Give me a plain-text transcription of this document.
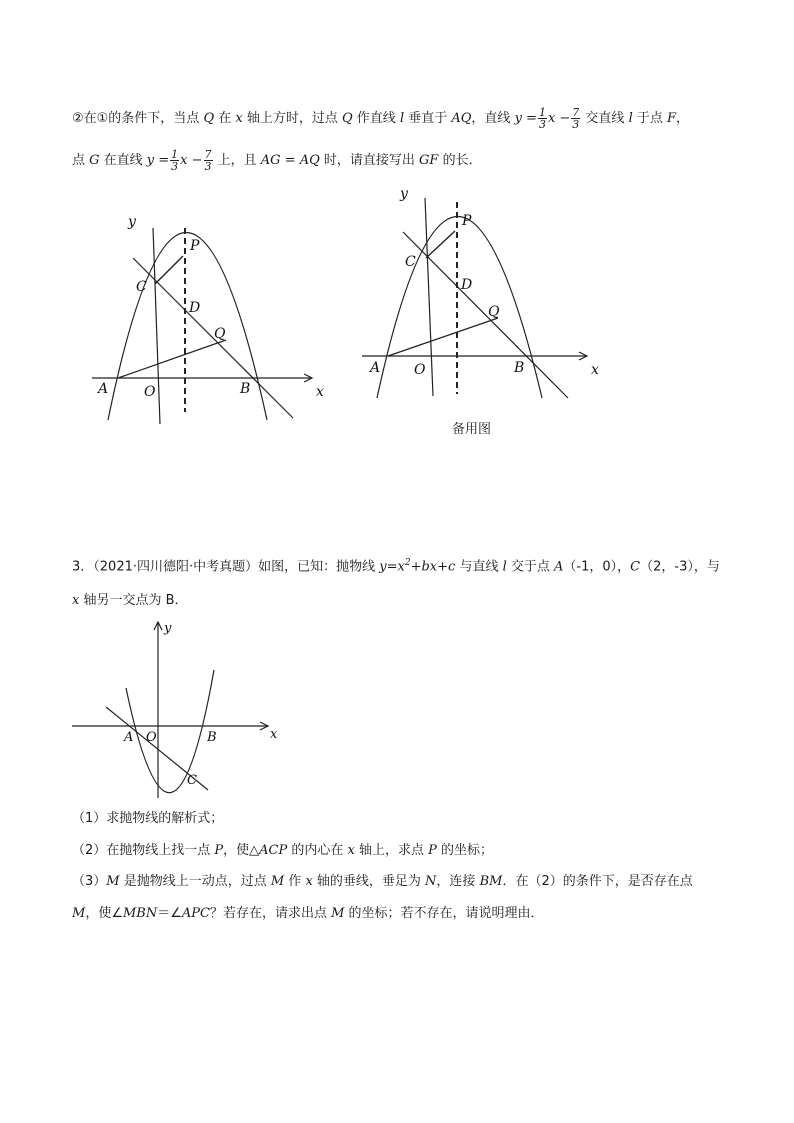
②在①的条件下，当点 Q 在 x 轴上方时，过点 Q 作直线 l 垂直于 AQ，直线 $y = \frac{1}{3}$ $x - \frac{7}{3}$ 交直线 l 于点 F，
点 G 在直线 $y = \frac{1}{3}$ $x - \frac{7}{3}$ 上，且 AG = AQ 时，请直接写出 GF 的长．
y
P
C
D
Q
A	O	B	x
y
P
C
D
Q
A O	B	x
y
x
A O	B
C
备用图
3．（2021·四川德阳·中考真题）如图，已知：抛物线 $y=x^2+bx+c$ 与直线 l 交于点 A（-1，0），C（2，-3），与
x 轴另一交点为 B．
（1）求抛物线的解析式；
（2）在抛物线上找一点 P，使△ACP 的内心在 x 轴上，求点 P 的坐标；
（3）M 是抛物线上一动点，过点 M 作 x 轴的垂线，垂足为 N，连接 BM．在（2）的条件下，是否存在点
M，使∠MBN＝∠APC？若存在，请求出点 M 的坐标；若不存在，请说明理由．
